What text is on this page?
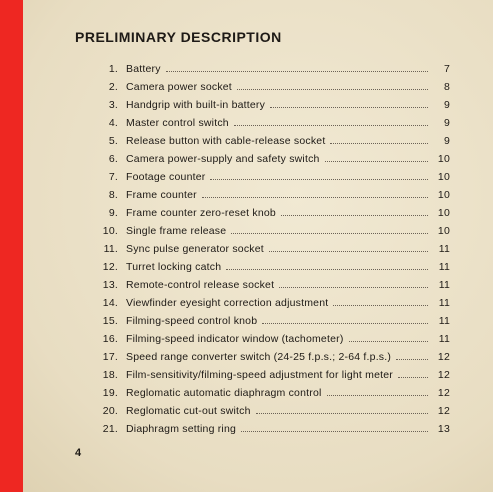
PRELIMINARY DESCRIPTION
1. Battery	7
2. Camera power socket	8
3. Handgrip with built-in battery	9
4. Master control switch	9
5. Release button with cable-release socket	9
6. Camera power-supply and safety switch	10
7. Footage counter	10
8. Frame counter	10
9. Frame counter zero-reset knob	10
10. Single frame release	10
11. Sync pulse generator socket	11
12. Turret locking catch	11
13. Remote-control release socket	11
14. Viewfinder eyesight correction adjustment	11
15. Filming-speed control knob	11
16. Filming-speed indicator window (tachometer)	11
17. Speed range converter switch (24-25 f.p.s.; 2-64 f.p.s.)	12
18. Film-sensitivity/filming-speed adjustment for light meter	12
19. Reglomatic automatic diaphragm control	12
20. Reglomatic cut-out switch	12
21. Diaphragm setting ring	13
4
